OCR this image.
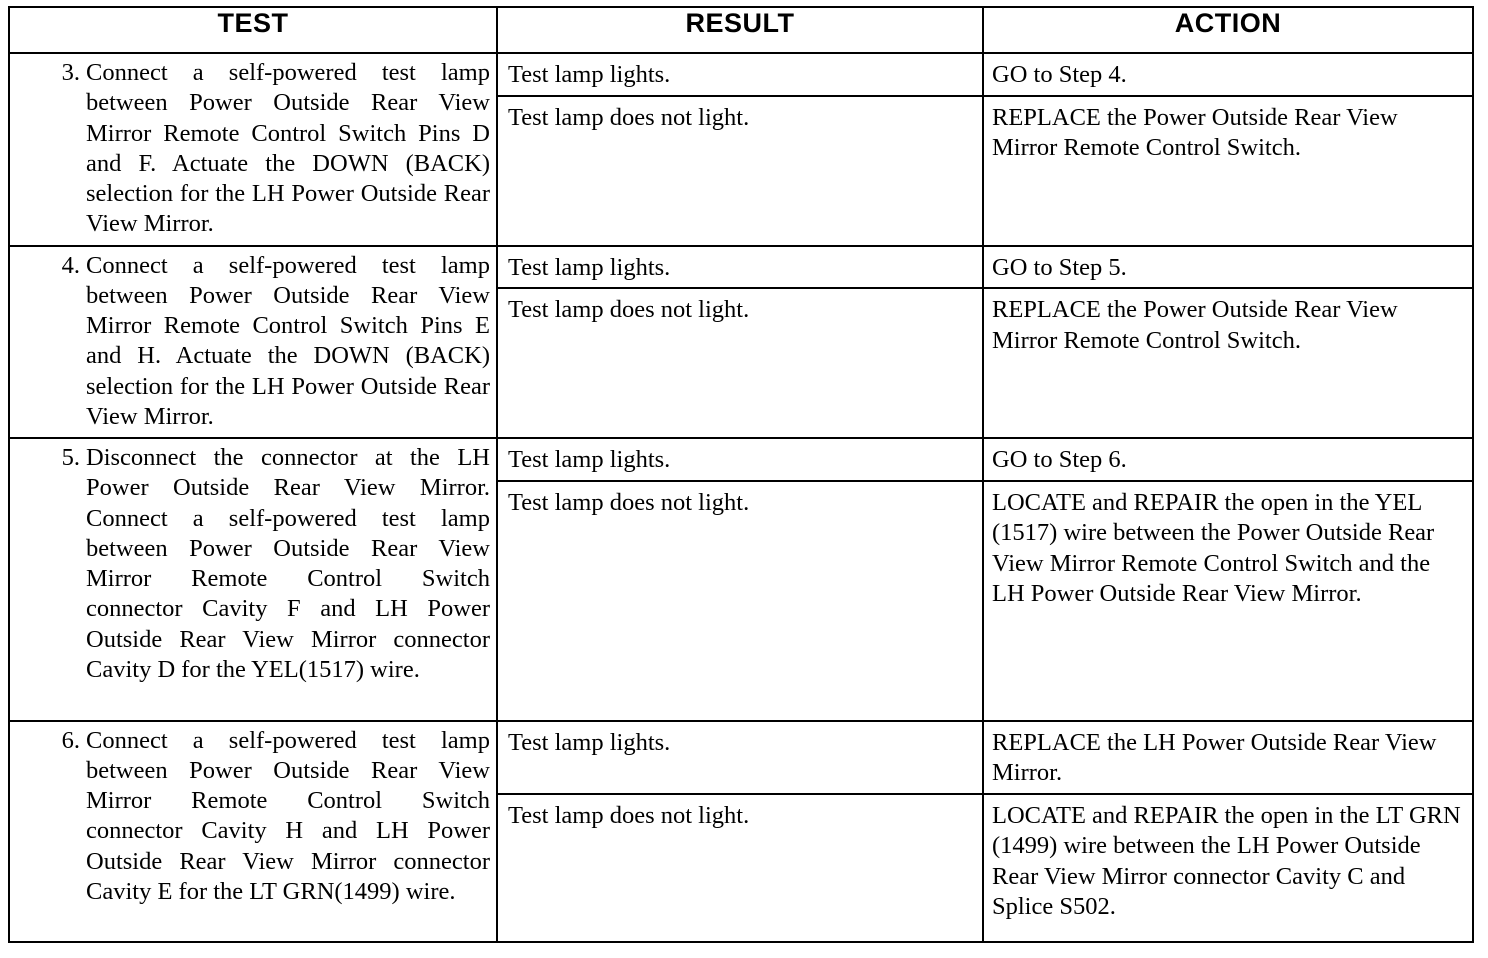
TEST	RESULT	ACTION

3. Connect a self-powered test lamp between Power Outside Rear View Mirror Remote Control Switch Pins D and F. Actuate the DOWN (BACK) selection for the LH Power Outside Rear View Mirror.	Test lamp lights.	GO to Step 4.
	Test lamp does not light.	REPLACE the Power Outside Rear View Mirror Remote Control Switch.

4. Connect a self-powered test lamp between Power Outside Rear View Mirror Remote Control Switch Pins E and H. Actuate the DOWN (BACK) selection for the LH Power Outside Rear View Mirror.	Test lamp lights.	GO to Step 5.
	Test lamp does not light.	REPLACE the Power Outside Rear View Mirror Remote Control Switch.

5. Disconnect the connector at the LH Power Outside Rear View Mirror. Connect a self-powered test lamp between Power Outside Rear View Mirror Remote Control Switch connector Cavity F and LH Power Outside Rear View Mirror connector Cavity D for the YEL(1517) wire.	Test lamp lights.	GO to Step 6.
	Test lamp does not light.	LOCATE and REPAIR the open in the YEL (1517) wire between the Power Outside Rear View Mirror Remote Control Switch and the LH Power Outside Rear View Mirror.

6. Connect a self-powered test lamp between Power Outside Rear View Mirror Remote Control Switch connector Cavity H and LH Power Outside Rear View Mirror connector Cavity E for the LT GRN(1499) wire.	Test lamp lights.	REPLACE the LH Power Outside Rear View Mirror.
	Test lamp does not light.	LOCATE and REPAIR the open in the LT GRN (1499) wire between the LH Power Outside Rear View Mirror connector Cavity C and Splice S502.
